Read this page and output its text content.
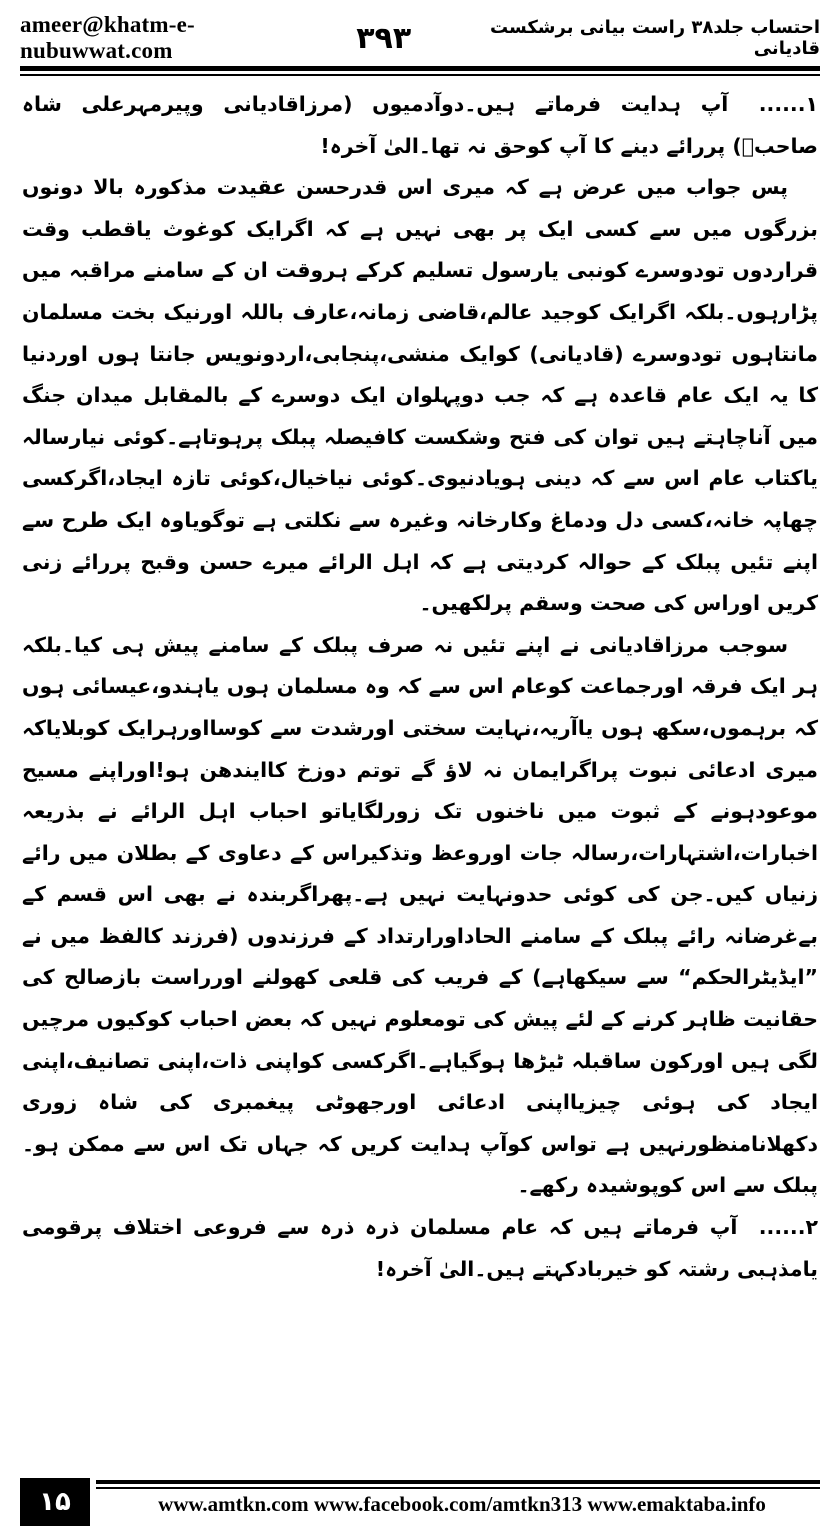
ameer@khatm-e-nubuwwat.com
احتساب جلد۳۸ راست بیانی برشکست قادیانی
۳۹۳

۱...... آپ ہدایت فرماتے ہیں۔دوآدمیوں (مرزاقادیانی وپیرمہرعلی شاہ صاحبؒ) پررائے دینے کا آپ کوحق نہ تھا۔الیٰ آخرہ!

پس جواب میں عرض ہے کہ میری اس قدرحسن عقیدت مذکورہ بالا دونوں بزرگوں میں سے کسی ایک پر بھی نہیں ہے کہ اگرایک کوغوث یاقطب وقت قراردوں تودوسرے کونبی یارسول تسلیم کرکے ہروقت ان کے سامنے مراقبہ میں پڑارہوں۔بلکہ اگرایک کوجید عالم،قاضی زمانہ،عارف باللہ اورنیک بخت مسلمان مانتاہوں تودوسرے (قادیانی) کوایک منشی،پنجابی،اردونویس جانتا ہوں اوردنیا کا یہ ایک عام قاعدہ ہے کہ جب دوپہلوان ایک دوسرے کے بالمقابل میدان جنگ میں آناچاہتے ہیں توان کی فتح وشکست کافیصلہ پبلک پرہوتاہے۔کوئی نیارسالہ یاکتاب عام اس سے کہ دینی ہویادنیوی۔کوئی نیاخیال،کوئی تازہ ایجاد،اگرکسی چھاپہ خانہ،کسی دل ودماغ وکارخانہ وغیرہ سے نکلتی ہے توگویاوہ ایک طرح سے اپنے تئیں پبلک کے حوالہ کردیتی ہے کہ اہل الرائے میرے حسن وقبح پررائے زنی کریں اوراس کی صحت وسقم پرلکھیں۔

سوجب مرزاقادیانی نے اپنے تئیں نہ صرف پبلک کے سامنے پیش ہی کیا۔بلکہ ہر ایک فرقہ اورجماعت کوعام اس سے کہ وہ مسلمان ہوں یاہندو،عیسائی ہوں کہ برہموں،سکھ ہوں یاآریہ،نہایت سختی اورشدت سے کوسااورہرایک کوبلایاکہ میری ادعائی نبوت پراگرایمان نہ لاؤ گے توتم دوزخ کاایندھن ہو!اوراپنے مسیح موعودہونے کے ثبوت میں ناخنوں تک زورلگایاتو احباب اہل الرائے نے بذریعہ اخبارات،اشتہارات،رسالہ جات اوروعظ وتذکیراس کے دعاوی کے بطلان میں رائے زنیاں کیں۔جن کی کوئی حدونہایت نہیں ہے۔پھراگربندہ نے بھی اس قسم کے بےغرضانہ رائے پبلک کے سامنے الحاداورارتداد کے فرزندوں (فرزند کالفظ میں نے ”ایڈیٹرالحکم“ سے سیکھاہے) کے فریب کی قلعی کھولنے اورراست بازصالح کی حقانیت ظاہر کرنے کے لئے پیش کی تومعلوم نہیں کہ بعض احباب کوکیوں مرچیں لگی ہیں اورکون ساقبلہ ٹیڑھا ہوگیاہے۔اگرکسی کواپنی ذات،اپنی تصانیف،اپنی ایجاد کی ہوئی چیزیااپنی ادعائی اورجھوٹی پیغمبری کی شاہ زوری دکھلانامنظورنہیں ہے تواس کوآپ ہدایت کریں کہ جہاں تک اس سے ممکن ہو۔پبلک سے اس کوپوشیدہ رکھے۔

۲...... آپ فرماتے ہیں کہ عام مسلمان ذرہ ذرہ سے فروعی اختلاف پرقومی یامذہبی رشتہ کو خیربادکہتے ہیں۔الیٰ آخرہ!

۱۵	www.amtkn.com www.facebook.com/amtkn313 www.emaktaba.info
